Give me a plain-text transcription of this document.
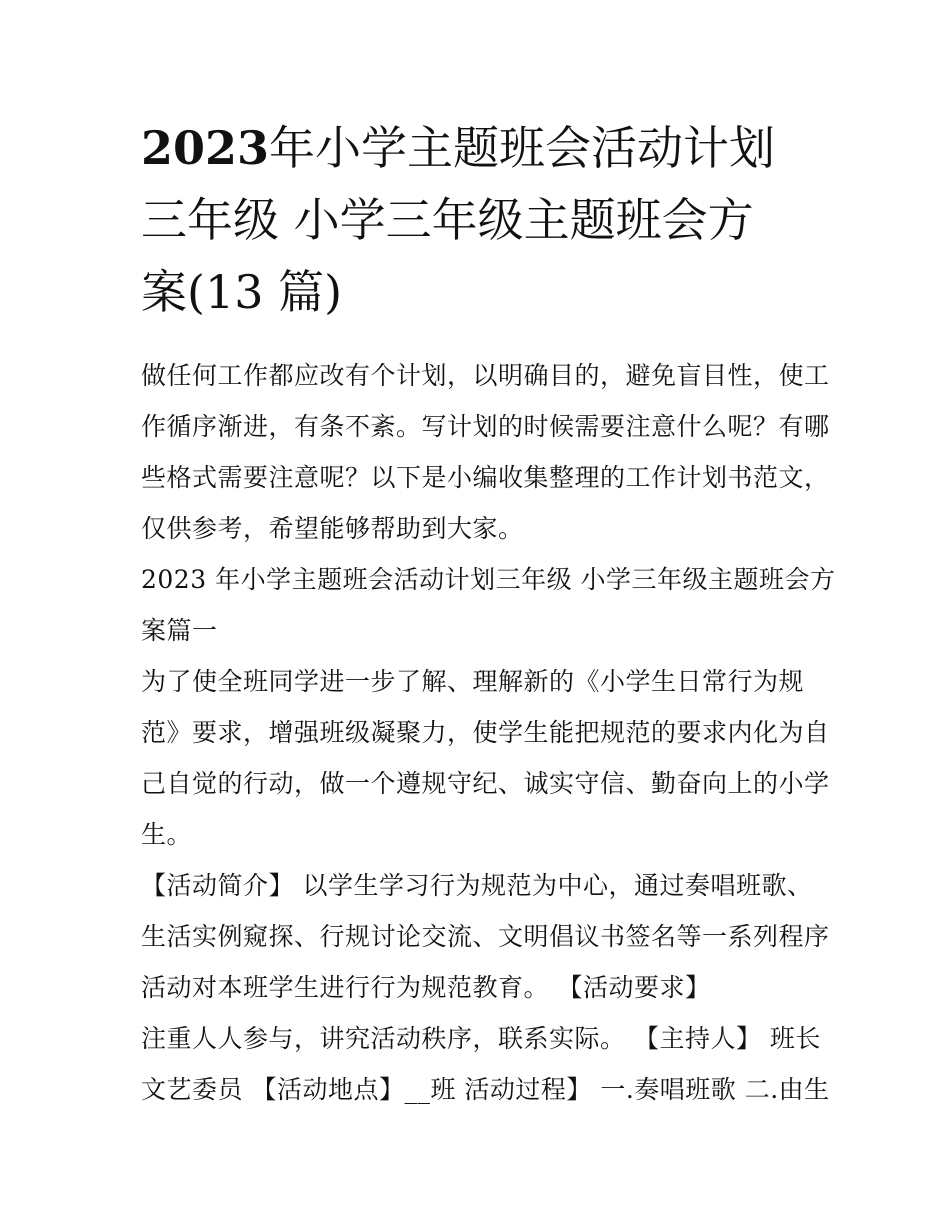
2023年小学主题班会活动计划
三年级 小学三年级主题班会方
案(13 篇)
做任何工作都应改有个计划，以明确目的，避免盲目性，使工
作循序渐进，有条不紊。写计划的时候需要注意什么呢？有哪
些格式需要注意呢？以下是小编收集整理的工作计划书范文，
仅供参考，希望能够帮助到大家。
2023 年小学主题班会活动计划三年级 小学三年级主题班会方
案篇一
为了使全班同学进一步了解、理解新的《小学生日常行为规
范》要求，增强班级凝聚力，使学生能把规范的要求内化为自
己自觉的行动，做一个遵规守纪、诚实守信、勤奋向上的小学
生。
【活动简介】 以学生学习行为规范为中心，通过奏唱班歌、
生活实例窥探、行规讨论交流、文明倡议书签名等一系列程序
活动对本班学生进行行为规范教育。 【活动要求】
注重人人参与，讲究活动秩序，联系实际。 【主持人】 班长
文艺委员 【活动地点】__班 活动过程】 一.奏唱班歌 二.由生
